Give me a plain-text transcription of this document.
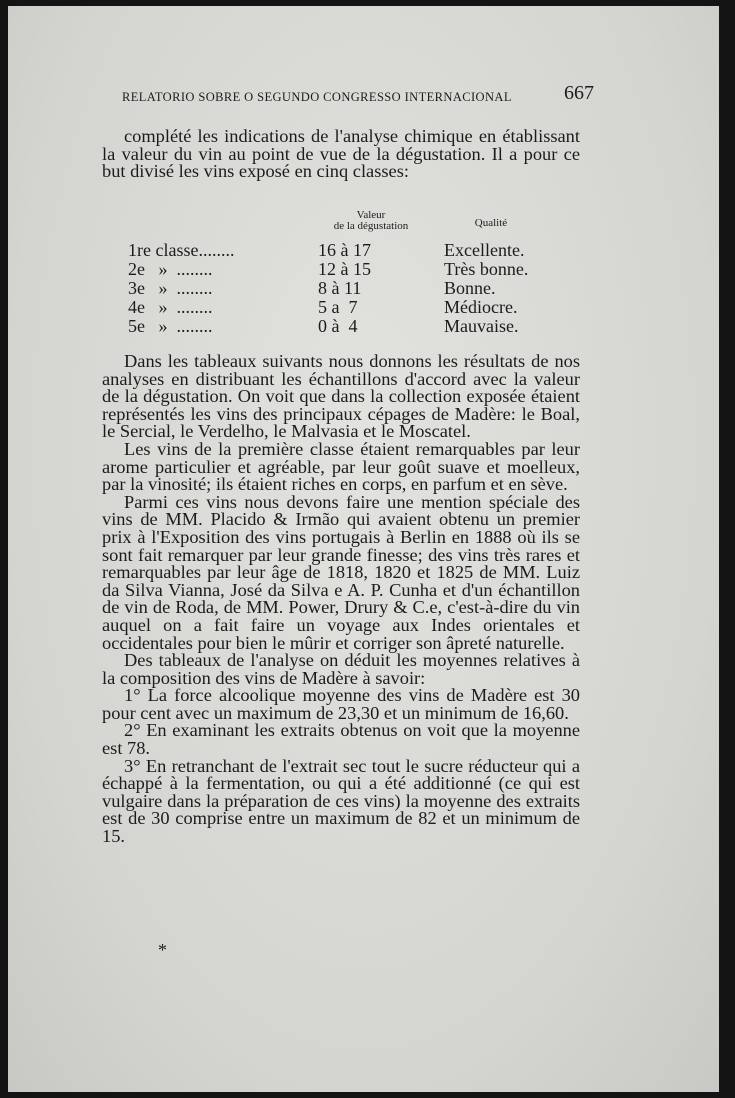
RELATORIO SOBRE O SEGUNDO CONGRESSO INTERNACIONAL	667

complété les indications de l'analyse chimique en établissant la valeur du vin au point de vue de la dégustation. Il a pour ce but divisé les vins exposé en cinq classes:

Valeur
de la dégustation	Qualité
1re classe........	16 à 17	Excellente.
2e   »  ........	12 à 15	Très bonne.
3e   »  ........	8 à 11	Bonne.
4e   »  ........	5 a  7	Médiocre.
5e   »  ........	0 à  4	Mauvaise.

Dans les tableaux suivants nous donnons les résultats de nos analyses en distribuant les échantillons d'accord avec la valeur de la dégustation. On voit que dans la collection exposée étaient représentés les vins des principaux cépages de Madère: le Boal, le Sercial, le Verdelho, le Malvasia et le Moscatel.

Les vins de la première classe étaient remarquables par leur arome particulier et agréable, par leur goût suave et moelleux, par la vinosité; ils étaient riches en corps, en parfum et en sève.

Parmi ces vins nous devons faire une mention spéciale des vins de MM. Placido & Irmão qui avaient obtenu un premier prix à l'Exposition des vins portugais à Berlin en 1888 où ils se sont fait remarquer par leur grande finesse; des vins très rares et remarquables par leur âge de 1818, 1820 et 1825 de MM. Luiz da Silva Vianna, José da Silva e A. P. Cunha et d'un échantillon de vin de Roda, de MM. Power, Drury & C.e, c'est-à-dire du vin auquel on a fait faire un voyage aux Indes orientales et occidentales pour bien le mûrir et corriger son âpreté naturelle.

Des tableaux de l'analyse on déduit les moyennes relatives à la composition des vins de Madère à savoir:

1° La force alcoolique moyenne des vins de Madère est 30 pour cent avec un maximum de 23,30 et un minimum de 16,60.

2° En examinant les extraits obtenus on voit que la moyenne est 78.

3° En retranchant de l'extrait sec tout le sucre réducteur qui a échappé à la fermentation, ou qui a été additionné (ce qui est vulgaire dans la préparation de ces vins) la moyenne des extraits est de 30 comprise entre un maximum de 82 et un minimum de 15.

*
